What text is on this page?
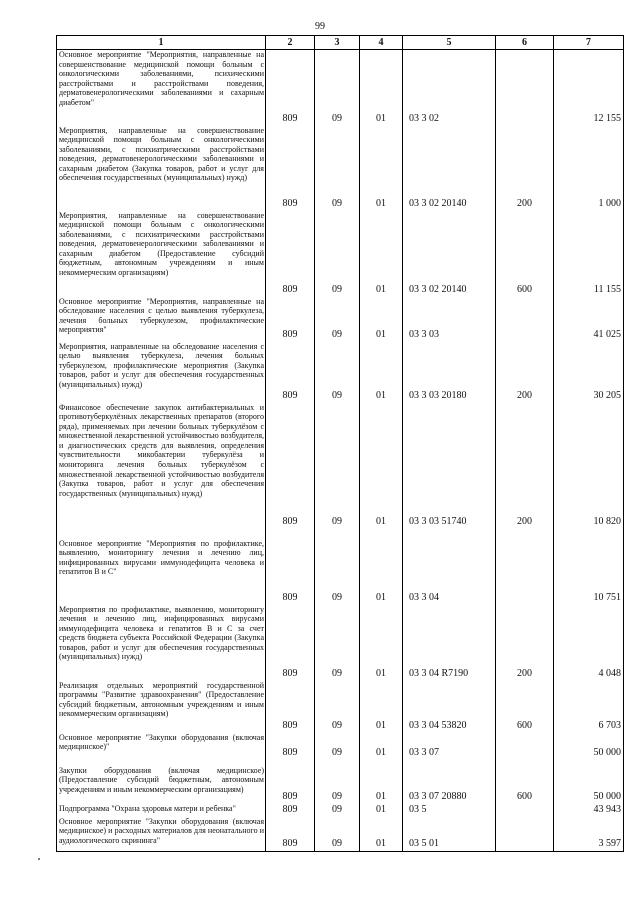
99
1	2	3	4	5	6	7
Основное мероприятие "Мероприятия, направленные на совершенствование медицинской помощи больным с онкологическими заболеваниями, психическими расстройствами и расстройствами поведения, дерматовенерологическими заболеваниями и сахарным диабетом"	809	09	01	03 3 02		12 155
Мероприятия, направленные на совершенствование медицинской помощи больным с онкологическими заболеваниями, с психиатрическими расстройствами поведения, дерматовенерологическими заболеваниями и сахарным диабетом (Закупка товаров, работ и услуг для обеспечения государственных (муниципальных) нужд)	809	09	01	03 3 02 20140	200	1 000
Мероприятия, направленные на совершенствование медицинской помощи больным с онкологическими заболеваниями, с психиатрическими расстройствами поведения, дерматовенерологическими заболеваниями и сахарным диабетом (Предоставление субсидий бюджетным, автономным учреждениям и иным некоммерческим организациям)	809	09	01	03 3 02 20140	600	11 155
Основное мероприятие "Мероприятия, направленные на обследование населения с целью выявления туберкулеза, лечения больных туберкулезом, профилактические мероприятия"	809	09	01	03 3 03		41 025
Мероприятия, направленные на обследование населения с целью выявления туберкулеза, лечения больных туберкулезом, профилактические мероприятия (Закупка товаров, работ и услуг для обеспечения государственных (муниципальных) нужд)	809	09	01	03 3 03 20180	200	30 205
Финансовое обеспечение закупок антибактериальных и противотуберкулёзных лекарственных препаратов (второго ряда), применяемых при лечении больных туберкулёзом с множественной лекарственной устойчивостью возбудителя, и диагностических средств для выявления, определения чувствительности микобактерии туберкулёза и мониторинга лечения больных туберкулёзом с множественной лекарственной устойчивостью возбудителя (Закупка товаров, работ и услуг для обеспечения государственных (муниципальных) нужд)	809	09	01	03 3 03 51740	200	10 820
Основное мероприятие "Мероприятия по профилактике, выявлению, мониторингу лечения и лечению лиц, инфицированных вирусами иммунодефицита человека и гепатитов B и C"	809	09	01	03 3 04		10 751
Мероприятия по профилактике, выявлению, мониторингу лечения и лечению лиц, инфицированных вирусами иммунодефицита человека и гепатитов B и C за счет средств бюджета субъекта Российской Федерации (Закупка товаров, работ и услуг для обеспечения государственных (муниципальных) нужд)	809	09	01	03 3 04 R7190	200	4 048
Реализация отдельных мероприятий государственной программы "Развитие здравоохранения" (Предоставление субсидий бюджетным, автономным учреждениям и иным некоммерческим организациям)	809	09	01	03 3 04 53820	600	6 703
Основное мероприятие "Закупки оборудования (включая медицинское)"	809	09	01	03 3 07		50 000
Закупки оборудования (включая медицинское) (Предоставление субсидий бюджетным, автономным учреждениям и иным некоммерческим организациям)	809	09	01	03 3 07 20880	600	50 000
Подпрограмма "Охрана здоровья матери и ребенка"	809	09	01	03 5		43 943
Основное мероприятие "Закупки оборудования (включая медицинское) и расходных материалов для неонатального и аудиологического скрининга"	809	09	01	03 5 01		3 597
